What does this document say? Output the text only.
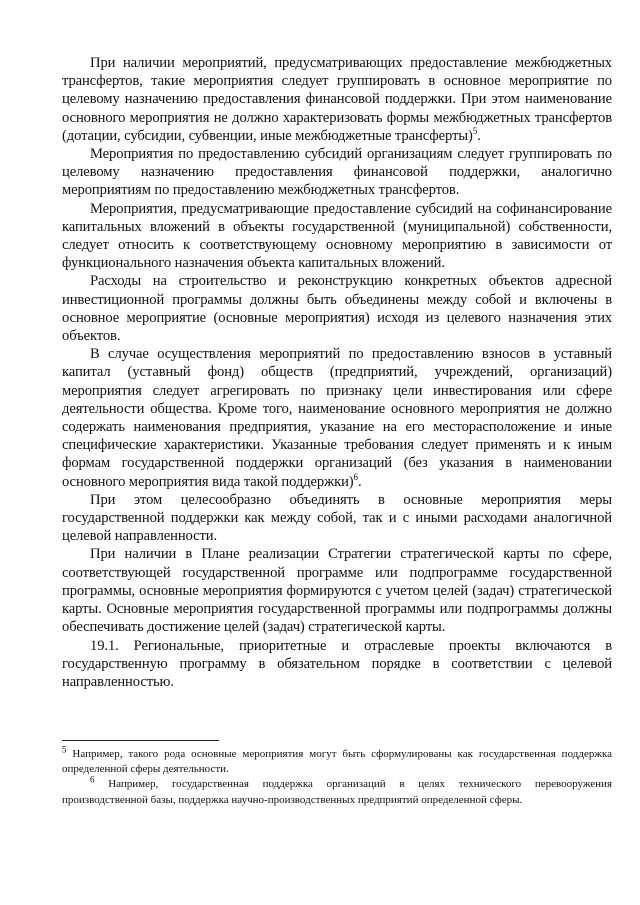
При наличии мероприятий, предусматривающих предоставление межбюджетных трансфертов, такие мероприятия следует группировать в основное мероприятие по целевому назначению предоставления финансовой поддержки. При этом наименование основного мероприятия не должно характеризовать формы межбюджетных трансфертов (дотации, субсидии, субвенции, иные межбюджетные трансферты)$^5$.

Мероприятия по предоставлению субсидий организациям следует группировать по целевому назначению предоставления финансовой поддержки, аналогично мероприятиям по предоставлению межбюджетных трансфертов.

Мероприятия, предусматривающие предоставление субсидий на софинансирование капитальных вложений в объекты государственной (муниципальной) собственности, следует относить к соответствующему основному мероприятию в зависимости от функционального назначения объекта капитальных вложений.

Расходы на строительство и реконструкцию конкретных объектов адресной инвестиционной программы должны быть объединены между собой и включены в основное мероприятие (основные мероприятия) исходя из целевого назначения этих объектов.

В случае осуществления мероприятий по предоставлению взносов в уставный капитал (уставный фонд) обществ (предприятий, учреждений, организаций) мероприятия следует агрегировать по признаку цели инвестирования или сфере деятельности общества. Кроме того, наименование основного мероприятия не должно содержать наименования предприятия, указание на его месторасположение и иные специфические характеристики. Указанные требования следует применять и к иным формам государственной поддержки организаций (без указания в наименовании основного мероприятия вида такой поддержки)$^6$.

При этом целесообразно объединять в основные мероприятия меры государственной поддержки как между собой, так и с иными расходами аналогичной целевой направленности.

При наличии в Плане реализации Стратегии стратегической карты по сфере, соответствующей государственной программе или подпрограмме государственной программы, основные мероприятия формируются с учетом целей (задач) стратегической карты. Основные мероприятия государственной программы или подпрограммы должны обеспечивать достижение целей (задач) стратегической карты.

19.1. Региональные, приоритетные и отраслевые проекты включаются в государственную программу в обязательном порядке в соответствии с целевой направленностью.

$^5$ Например, такого рода основные мероприятия могут быть сформулированы как государственная поддержка определенной сферы деятельности.

$^6$ Например, государственная поддержка организаций в целях технического перевооружения производственной базы, поддержка научно-производственных предприятий определенной сферы.
